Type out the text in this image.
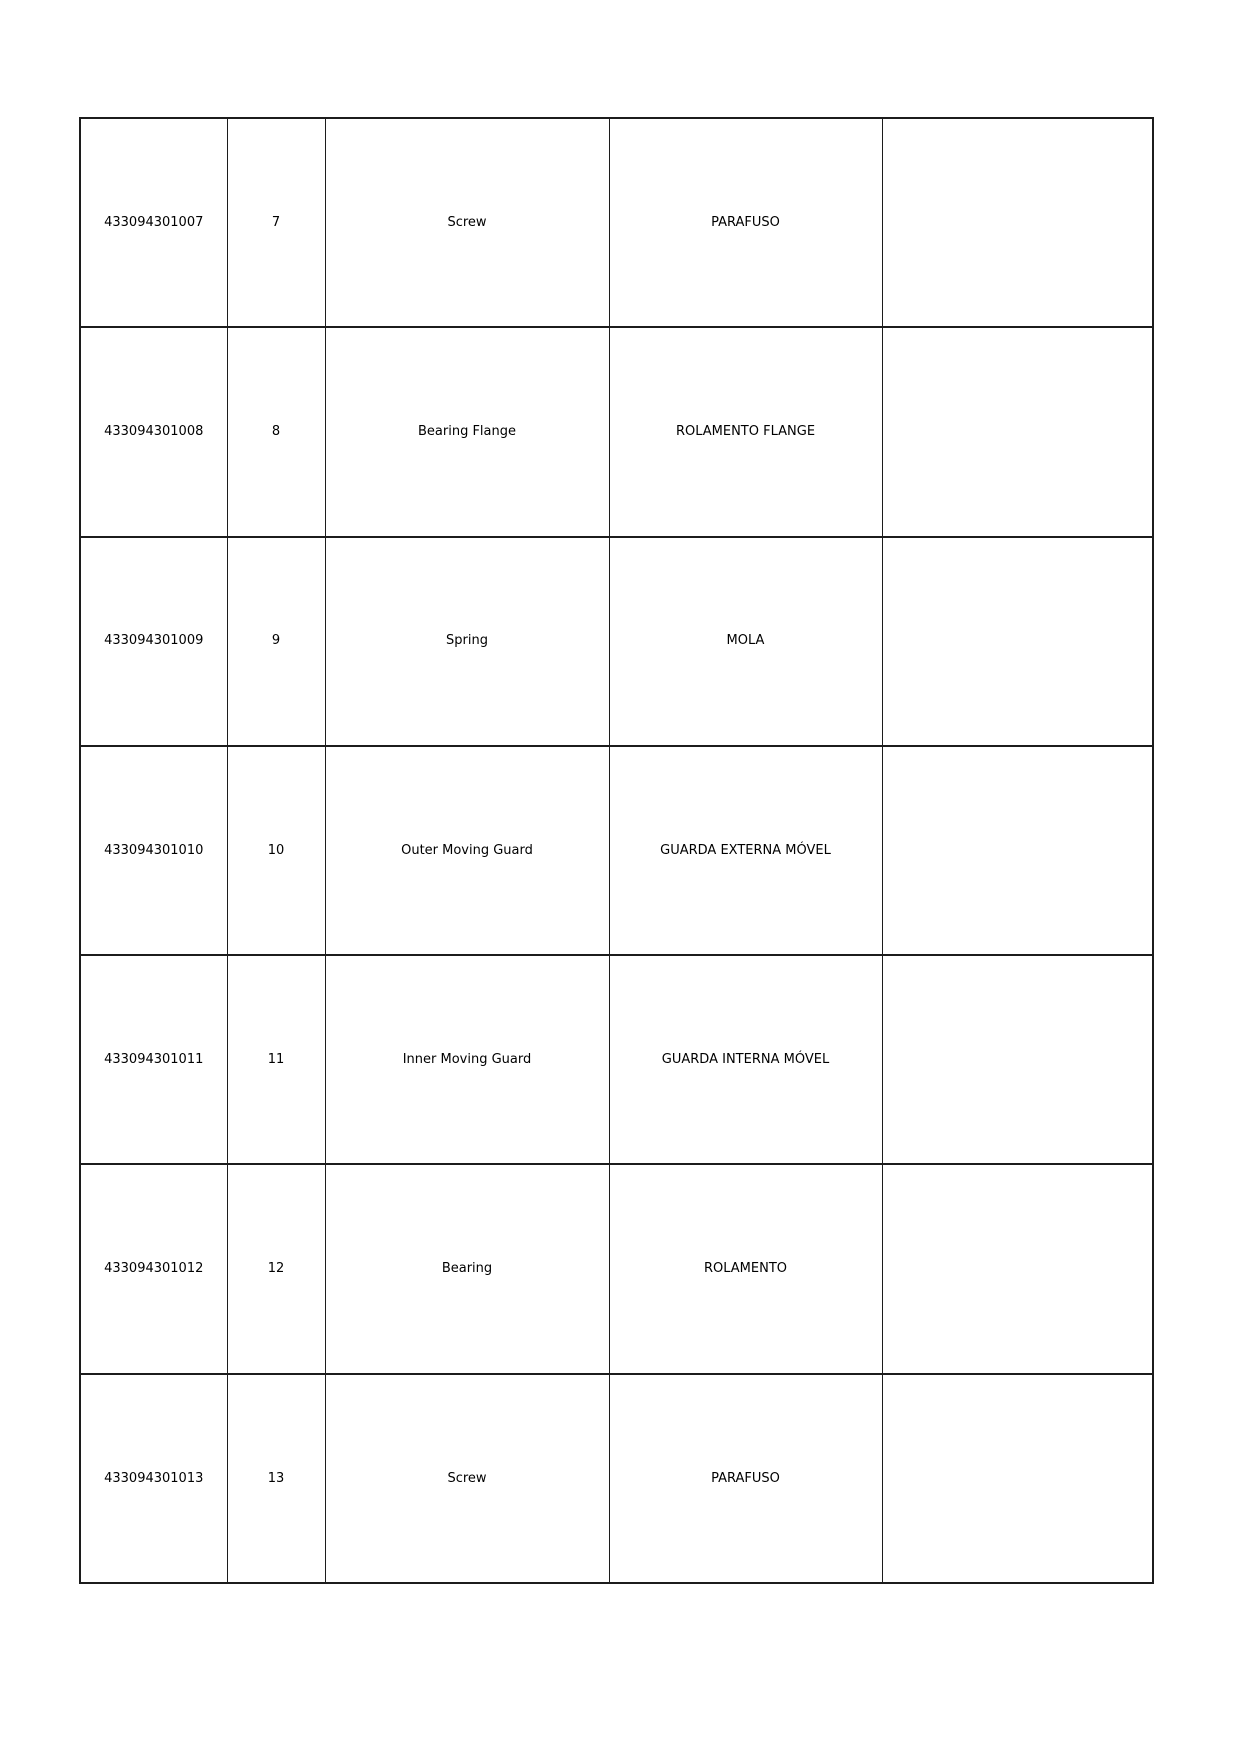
433094301007	7	Screw	PARAFUSO	
433094301008	8	Bearing Flange	ROLAMENTO FLANGE	
433094301009	9	Spring	MOLA	
433094301010	10	Outer Moving Guard	GUARDA EXTERNA MÓVEL	
433094301011	11	Inner Moving Guard	GUARDA INTERNA MÓVEL	
433094301012	12	Bearing	ROLAMENTO	
433094301013	13	Screw	PARAFUSO	
